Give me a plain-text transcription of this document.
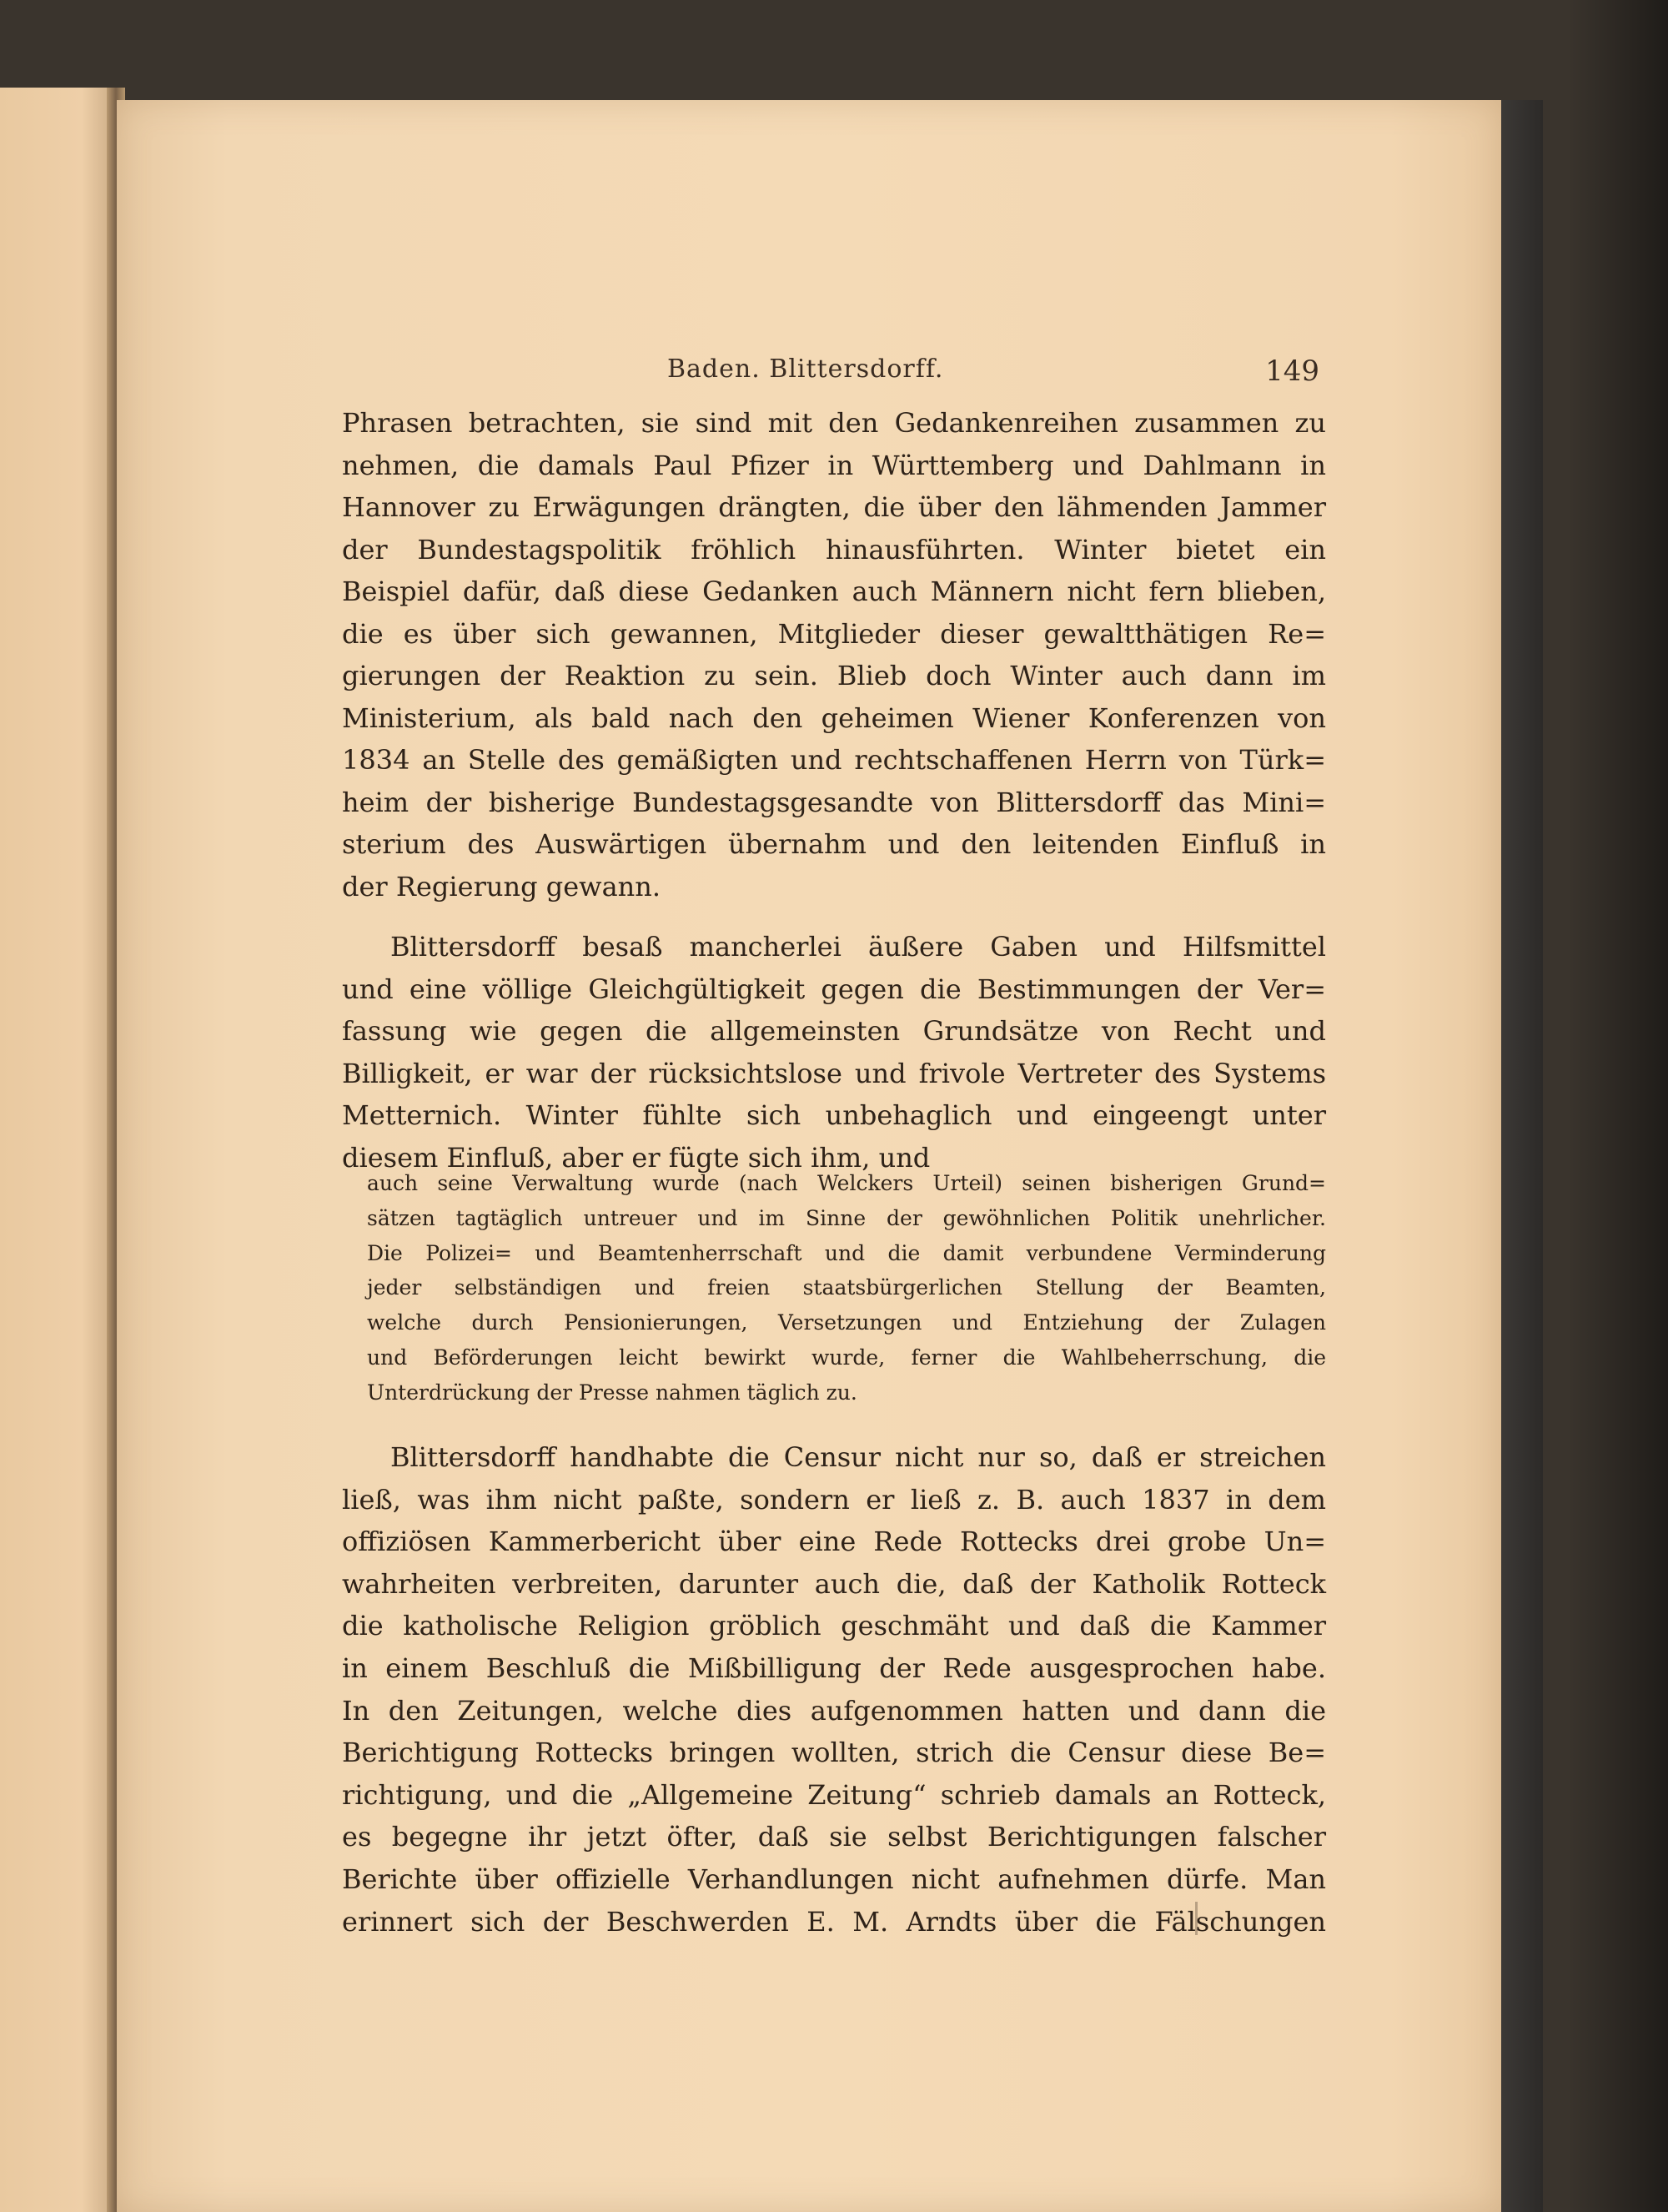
Baden. Blittersdorff.	149
Phrasen betrachten, sie sind mit den Gedankenreihen zusammen zu
nehmen, die damals Paul Pfizer in Württemberg und Dahlmann in
Hannover zu Erwägungen drängten, die über den lähmenden Jammer
der Bundestagspolitik fröhlich hinausführten. Winter bietet ein
Beispiel dafür, daß diese Gedanken auch Männern nicht fern blieben,
die es über sich gewannen, Mitglieder dieser gewaltthätigen Re=
gierungen der Reaktion zu sein. Blieb doch Winter auch dann im
Ministerium, als bald nach den geheimen Wiener Konferenzen von
1834 an Stelle des gemäßigten und rechtschaffenen Herrn von Türk=
heim der bisherige Bundestagsgesandte von Blittersdorff das Mini=
sterium des Auswärtigen übernahm und den leitenden Einfluß in
der Regierung gewann.
Blittersdorff besaß mancherlei äußere Gaben und Hilfsmittel
und eine völlige Gleichgültigkeit gegen die Bestimmungen der Ver=
fassung wie gegen die allgemeinsten Grundsätze von Recht und
Billigkeit, er war der rücksichtslose und frivole Vertreter des Systems
Metternich. Winter fühlte sich unbehaglich und eingeengt unter
diesem Einfluß, aber er fügte sich ihm, und
auch seine Verwaltung wurde (nach Welckers Urteil) seinen bisherigen Grund=
sätzen tagtäglich untreuer und im Sinne der gewöhnlichen Politik unehrlicher.
Die Polizei= und Beamtenherrschaft und die damit verbundene Verminderung
jeder selbständigen und freien staatsbürgerlichen Stellung der Beamten,
welche durch Pensionierungen, Versetzungen und Entziehung der Zulagen
und Beförderungen leicht bewirkt wurde, ferner die Wahlbeherrschung, die
Unterdrückung der Presse nahmen täglich zu.
Blittersdorff handhabte die Censur nicht nur so, daß er streichen
ließ, was ihm nicht paßte, sondern er ließ z. B. auch 1837 in dem
offiziösen Kammerbericht über eine Rede Rottecks drei grobe Un=
wahrheiten verbreiten, darunter auch die, daß der Katholik Rotteck
die katholische Religion gröblich geschmäht und daß die Kammer
in einem Beschluß die Mißbilligung der Rede ausgesprochen habe.
In den Zeitungen, welche dies aufgenommen hatten und dann die
Berichtigung Rottecks bringen wollten, strich die Censur diese Be=
richtigung, und die „Allgemeine Zeitung“ schrieb damals an Rotteck,
es begegne ihr jetzt öfter, daß sie selbst Berichtigungen falscher
Berichte über offizielle Verhandlungen nicht aufnehmen dürfe. Man
erinnert sich der Beschwerden E. M. Arndts über die Fälschungen
